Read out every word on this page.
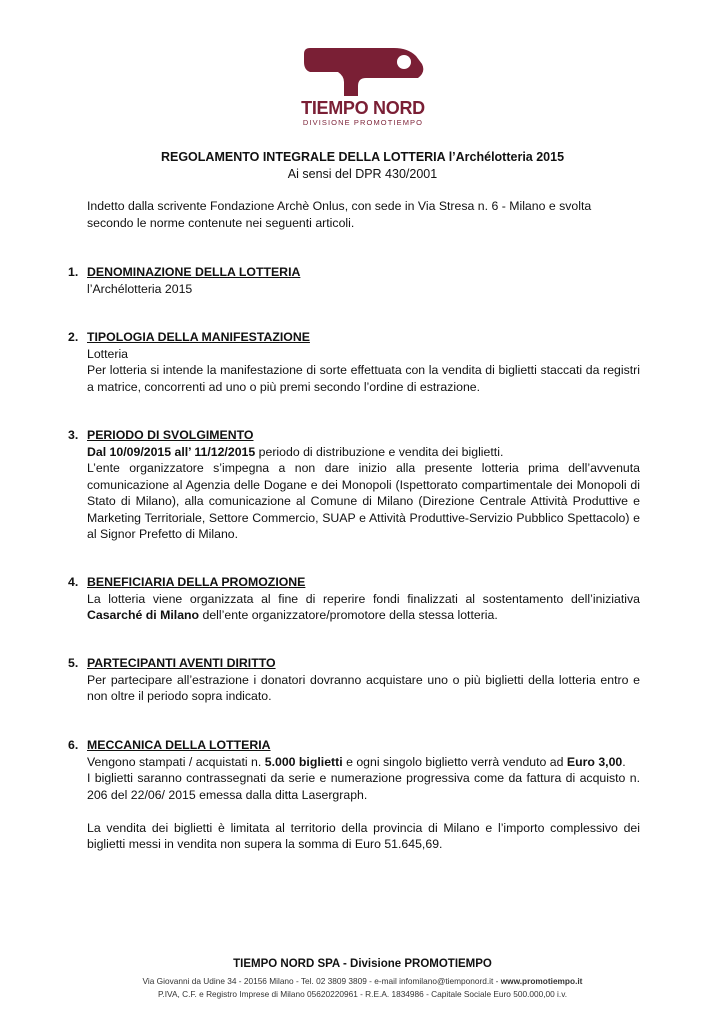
TIEMPO NORD
DIVISIONE PROMOTIEMPO
REGOLAMENTO INTEGRALE DELLA LOTTERIA l’Archélotteria 2015
Ai sensi del DPR 430/2001
Indetto dalla scrivente Fondazione Archè Onlus, con sede in Via Stresa n. 6 - Milano e svolta secondo le norme contenute nei seguenti articoli.
1. DENOMINAZIONE DELLA LOTTERIA

l’Archélotteria 2015

2. TIPOLOGIA DELLA MANIFESTAZIONE

Lotteria

Per lotteria si intende la manifestazione di sorte effettuata con la vendita di biglietti staccati da registri a matrice, concorrenti ad uno o più premi secondo l’ordine di estrazione.

3. PERIODO DI SVOLGIMENTO

Dal 10/09/2015 all’ 11/12/2015 periodo di distribuzione e vendita dei biglietti.

L’ente organizzatore s’impegna a non dare inizio alla presente lotteria prima dell’avvenuta comunicazione al Agenzia delle Dogane e dei Monopoli (Ispettorato compartimentale dei Monopoli di Stato di Milano), alla comunicazione al Comune di Milano (Direzione Centrale Attività Produttive e Marketing Territoriale, Settore Commercio, SUAP e Attività Produttive-Servizio Pubblico Spettacolo) e al Signor Prefetto di Milano.

4. BENEFICIARIA DELLA PROMOZIONE

La lotteria viene organizzata al fine di reperire fondi finalizzati al sostentamento dell’iniziativa Casarché di Milano dell’ente organizzatore/promotore della stessa lotteria.

5. PARTECIPANTI AVENTI DIRITTO

Per partecipare all’estrazione i donatori dovranno acquistare uno o più biglietti della lotteria entro e non oltre il periodo sopra indicato.

6. MECCANICA DELLA LOTTERIA

Vengono stampati / acquistati n. 5.000 biglietti e ogni singolo biglietto verrà venduto ad Euro 3,00.

I biglietti saranno contrassegnati da serie e numerazione progressiva come da fattura di acquisto n. 206 del 22/06/ 2015 emessa dalla ditta Lasergraph.

La vendita dei biglietti è limitata al territorio della provincia di Milano e l’importo complessivo dei biglietti messi in vendita non supera la somma di Euro 51.645,69.

TIEMPO NORD SPA - Divisione PROMOTIEMPO
Via Giovanni da Udine 34 - 20156 Milano - Tel. 02 3809 3809 - e-mail infomilano@tiemponord.it - www.promotiempo.it
P.IVA, C.F. e Registro Imprese di Milano 05620220961 - R.E.A. 1834986 - Capitale Sociale Euro 500.000,00 i.v.
